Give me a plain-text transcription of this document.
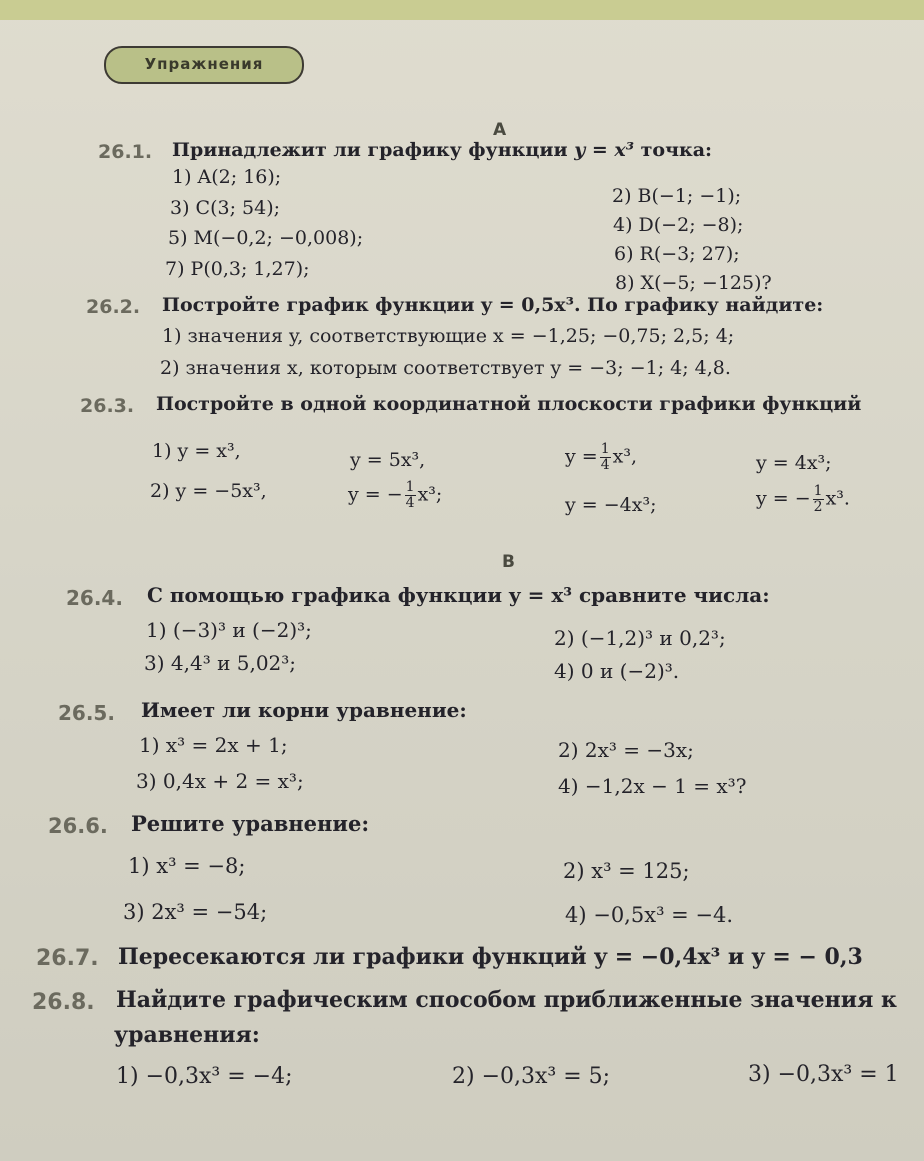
Упражнения
А
26.1. Принадлежит ли графику функции y = x³ точка:
1) A(2; 16);
2) B(−1; −1);
3) C(3; 54);
4) D(−2; −8);
5) M(−0,2; −0,008);
6) R(−3; 27);
7) P(0,3; 1,27);
8) X(−5; −125)?
26.2. Постройте график функции y = 0,5x³. По графику найдите:
1) значения y, соответствующие x = −1,25; −0,75; 2,5; 4;
2) значения x, которым соответствует y = −3; −1; 4; 4,8.
26.3. Постройте в одной координатной плоскости графики функций
1) y = x³,	y = 5x³,	$y = \frac{1}{4} x^3$,	y = 4x³;
2) y = −5x³,	y = − $\frac{1}{4} x^3$;	y = −4x³;	y = − $\frac{1}{2} x^3$.
В
26.4. С помощью графика функции y = x³ сравните числа:
1) (−3)³ и (−2)³;	2) (−1,2)³ и 0,2³;
3) 4,4³ и 5,02³;	4) 0 и (−2)³.
26.5. Имеет ли корни уравнение:
1) x³ = 2x + 1;	2) 2x³ = −3x;
3) 0,4x + 2 = x³;	4) −1,2x − 1 = x³?
26.6. Решите уравнение:
1) x³ = −8;	2) x³ = 125;
3) 2x³ = −54;	4) −0,5x³ = −4.
26.7. Пересекаются ли графики функций y = −0,4x³ и y = − 0,3
26.8. Найдите графическим способом приближенные значения к
уравнения:
1) −0,3x³ = −4;	2) −0,3x³ = 5;	3) −0,3x³ = 1
